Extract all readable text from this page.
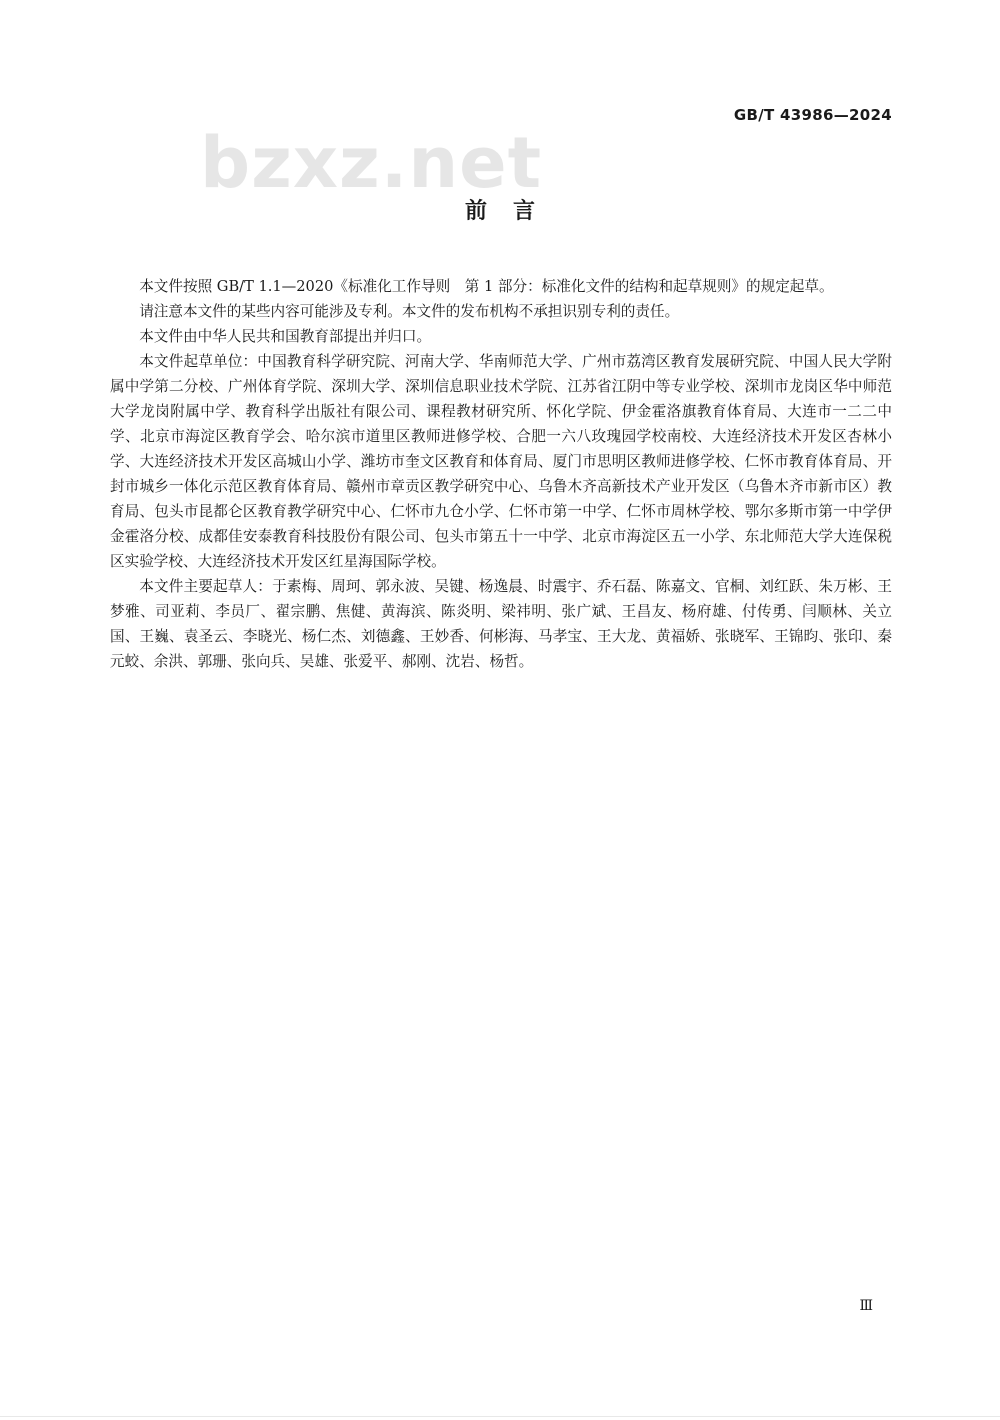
GB/T 43986—2024
bzxz.net
前言

本文件按照 GB/T 1.1—2020《标准化工作导则　第 1 部分：标准化文件的结构和起草规则》的规定起草。

请注意本文件的某些内容可能涉及专利。本文件的发布机构不承担识别专利的责任。

本文件由中华人民共和国教育部提出并归口。

本文件起草单位：中国教育科学研究院、河南大学、华南师范大学、广州市荔湾区教育发展研究院、中国人民大学附属中学第二分校、广州体育学院、深圳大学、深圳信息职业技术学院、江苏省江阴中等专业学校、深圳市龙岗区华中师范大学龙岗附属中学、教育科学出版社有限公司、课程教材研究所、怀化学院、伊金霍洛旗教育体育局、大连市一二二中学、北京市海淀区教育学会、哈尔滨市道里区教师进修学校、合肥一六八玫瑰园学校南校、大连经济技术开发区杏林小学、大连经济技术开发区高城山小学、潍坊市奎文区教育和体育局、厦门市思明区教师进修学校、仁怀市教育体育局、开封市城乡一体化示范区教育体育局、赣州市章贡区教学研究中心、乌鲁木齐高新技术产业开发区（乌鲁木齐市新市区）教育局、包头市昆都仑区教育教学研究中心、仁怀市九仓小学、仁怀市第一中学、仁怀市周林学校、鄂尔多斯市第一中学伊金霍洛分校、成都佳安泰教育科技股份有限公司、包头市第五十一中学、北京市海淀区五一小学、东北师范大学大连保税区实验学校、大连经济技术开发区红星海国际学校。

本文件主要起草人：于素梅、周珂、郭永波、吴键、杨逸晨、时震宇、乔石磊、陈嘉文、官桐、刘红跃、朱万彬、王梦雅、司亚莉、李员厂、翟宗鹏、焦健、黄海滨、陈炎明、梁祎明、张广斌、王昌友、杨府雄、付传勇、闫顺林、关立国、王巍、袁圣云、李晓光、杨仁杰、刘德鑫、王妙香、何彬海、马孝宝、王大龙、黄福娇、张晓军、王锦昀、张印、秦元蛟、余洪、郭珊、张向兵、吴雄、张爱平、郝刚、沈岩、杨哲。

Ⅲ
